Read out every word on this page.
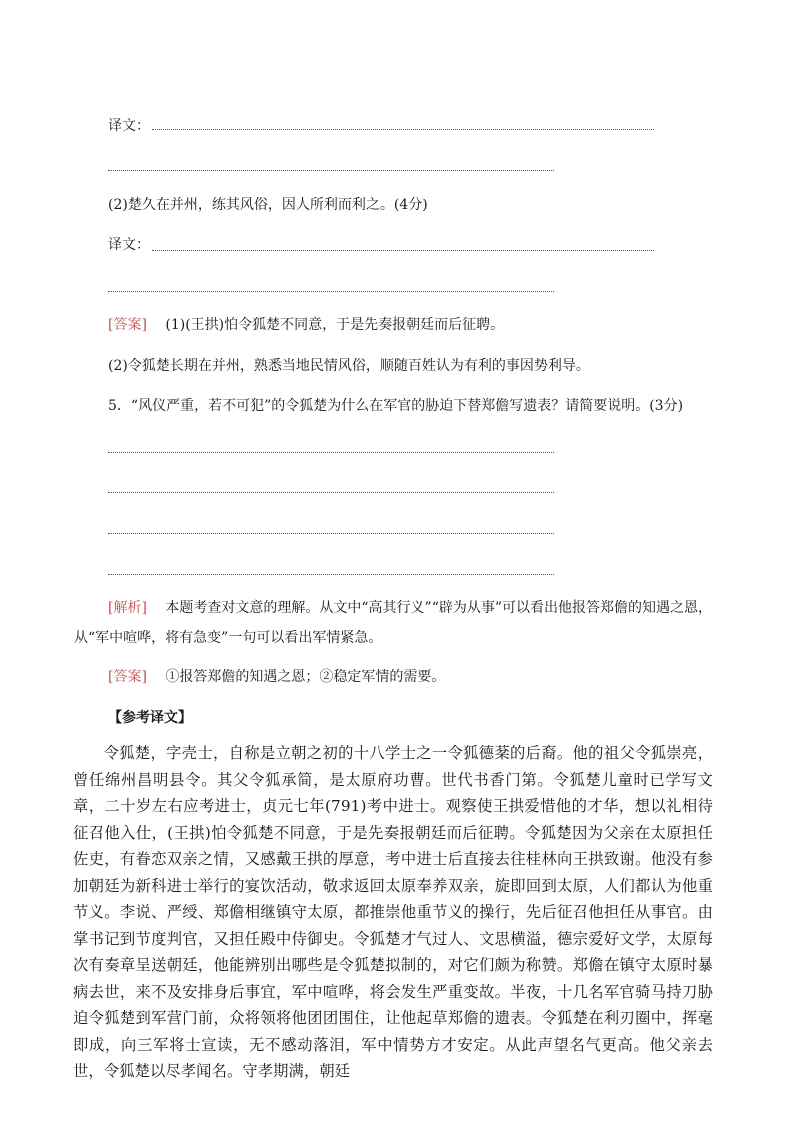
译文：
(2)楚久在并州，练其风俗，因人所利而利之。(4分)
译文：
[答案] (1)(王拱)怕令狐楚不同意，于是先奏报朝廷而后征聘。
(2)令狐楚长期在并州，熟悉当地民情风俗，顺随百姓认为有利的事因势利导。
5．“风仪严重，若不可犯”的令狐楚为什么在军官的胁迫下替郑儋写遗表？请简要说明。(3分)
[解析] 本题考查对文意的理解。从文中“高其行义”“辟为从事”可以看出他报答郑儋的知遇之恩，
从“军中喧哗，将有急变”一句可以看出军情紧急。
[答案] ①报答郑儋的知遇之恩；②稳定军情的需要。
【参考译文】
令狐楚，字壳士，自称是立朝之初的十八学士之一令狐德棻的后裔。他的祖父令狐崇亮，曾任绵州昌明县令。其父令狐承简，是太原府功曹。世代书香门第。令狐楚儿童时已学写文章，二十岁左右应考进士，贞元七年(791)考中进士。观察使王拱爱惜他的才华，想以礼相待征召他入仕，(王拱)怕令狐楚不同意，于是先奏报朝廷而后征聘。令狐楚因为父亲在太原担任佐吏，有眷恋双亲之情，又感戴王拱的厚意，考中进士后直接去往桂林向王拱致谢。他没有参加朝廷为新科进士举行的宴饮活动，敬求返回太原奉养双亲，旋即回到太原，人们都认为他重节义。李说、严绶、郑儋相继镇守太原，都推崇他重节义的操行，先后征召他担任从事官。由掌书记到节度判官，又担任殿中侍御史。令狐楚才气过人、文思横溢，德宗爱好文学，太原每次有奏章呈送朝廷，他能辨别出哪些是令狐楚拟制的，对它们颇为称赞。郑儋在镇守太原时暴病去世，来不及安排身后事宜，军中喧哗，将会发生严重变故。半夜，十几名军官骑马持刀胁迫令狐楚到军营门前，众将领将他团团围住，让他起草郑儋的遗表。令狐楚在利刃圈中，挥毫即成，向三军将士宣读，无不感动落泪，军中情势方才安定。从此声望名气更高。他父亲去世，令狐楚以尽孝闻名。守孝期满，朝廷
